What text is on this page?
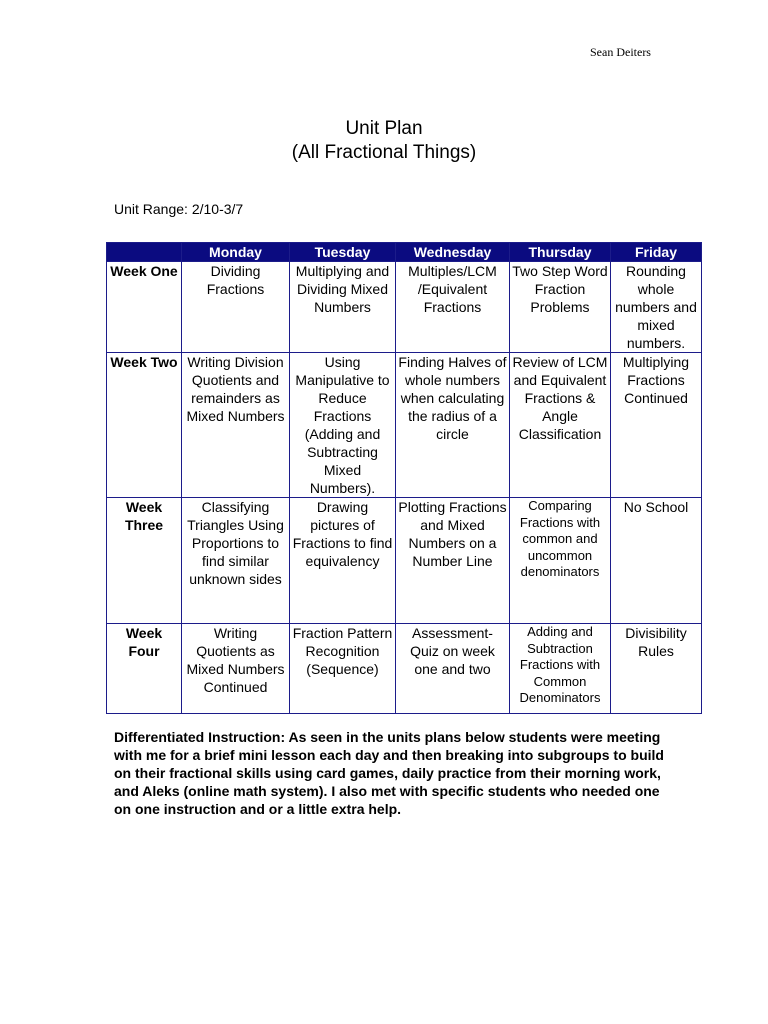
Sean Deiters
Unit Plan
(All Fractional Things)
Unit Range: 2/10-3/7
	Monday	Tuesday	Wednesday	Thursday	Friday
Week One	Dividing Fractions	Multiplying and Dividing Mixed Numbers	Multiples/LCM /Equivalent Fractions	Two Step Word Fraction Problems	Rounding whole numbers and mixed numbers.
Week Two	Writing Division Quotients and remainders as Mixed Numbers	Using Manipulative to Reduce Fractions (Adding and Subtracting Mixed Numbers).	Finding Halves of whole numbers when calculating the radius of a circle	Review of LCM and Equivalent Fractions & Angle Classification	Multiplying Fractions Continued
Week Three	Classifying Triangles Using Proportions to find similar unknown sides	Drawing pictures of Fractions to find equivalency	Plotting Fractions and Mixed Numbers on a Number Line	Comparing Fractions with common and uncommon denominators	No School
Week Four	Writing Quotients as Mixed Numbers Continued	Fraction Pattern Recognition (Sequence)	Assessment-Quiz on week one and two	Adding and Subtraction Fractions with Common Denominators	Divisibility Rules
Differentiated Instruction: As seen in the units plans below students were meeting with me for a brief mini lesson each day and then breaking into subgroups to build on their fractional skills using card games, daily practice from their morning work, and Aleks (online math system). I also met with specific students who needed one on one instruction and or a little extra help.
